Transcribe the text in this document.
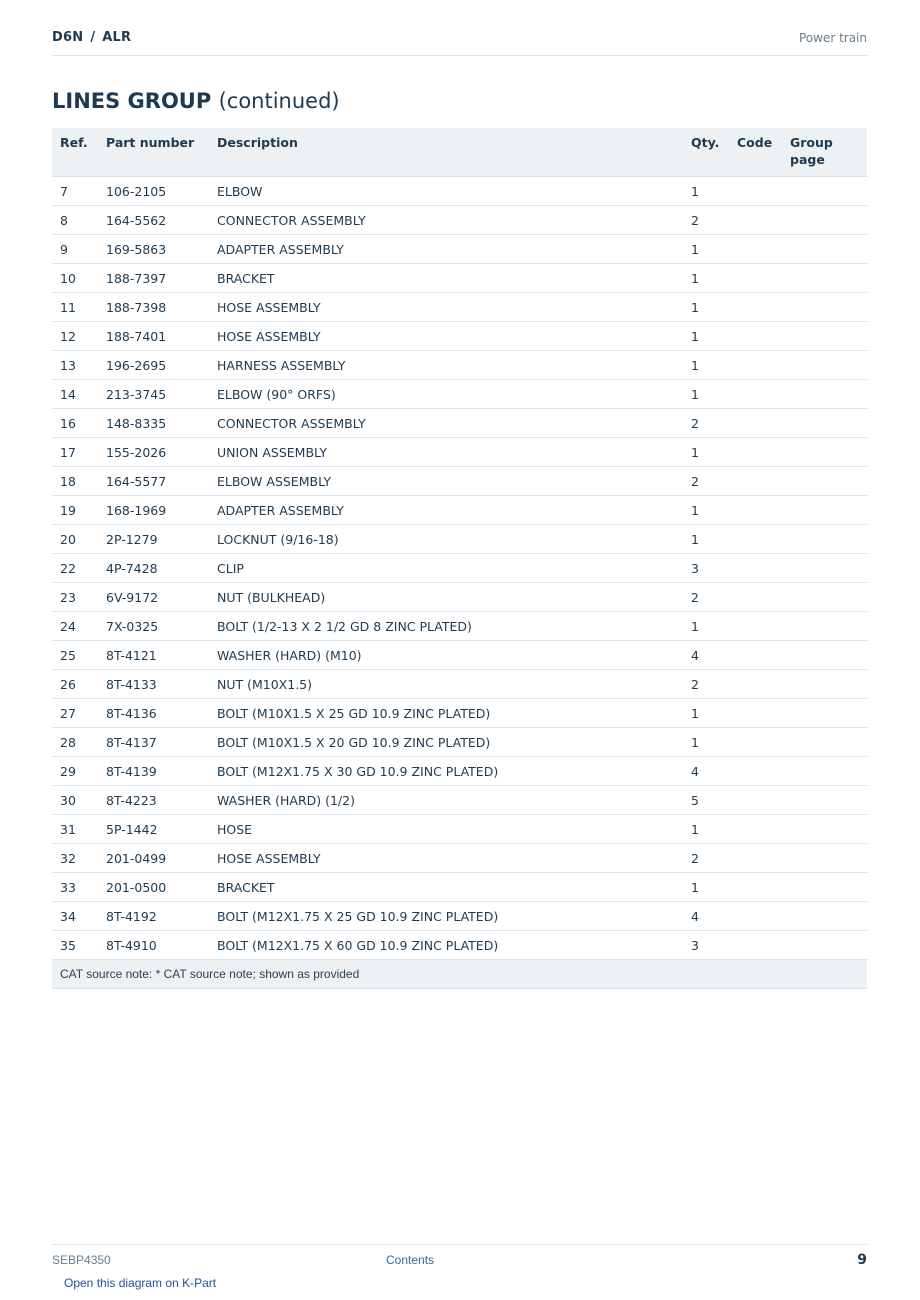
D6N / ALR	Power train
LINES GROUP (continued)
Ref.	Part number	Description	Qty.	Code	Group page
7	106-2105	ELBOW	1		
8	164-5562	CONNECTOR ASSEMBLY	2		
9	169-5863	ADAPTER ASSEMBLY	1		
10	188-7397	BRACKET	1		
11	188-7398	HOSE ASSEMBLY	1		
12	188-7401	HOSE ASSEMBLY	1		
13	196-2695	HARNESS ASSEMBLY	1		
14	213-3745	ELBOW (90° ORFS)	1		
16	148-8335	CONNECTOR ASSEMBLY	2		
17	155-2026	UNION ASSEMBLY	1		
18	164-5577	ELBOW ASSEMBLY	2		
19	168-1969	ADAPTER ASSEMBLY	1		
20	2P-1279	LOCKNUT (9/16-18)	1		
22	4P-7428	CLIP	3		
23	6V-9172	NUT (BULKHEAD)	2		
24	7X-0325	BOLT (1/2-13 X 2 1/2 GD 8 ZINC PLATED)	1		
25	8T-4121	WASHER (HARD) (M10)	4		
26	8T-4133	NUT (M10X1.5)	2		
27	8T-4136	BOLT (M10X1.5 X 25 GD 10.9 ZINC PLATED)	1		
28	8T-4137	BOLT (M10X1.5 X 20 GD 10.9 ZINC PLATED)	1		
29	8T-4139	BOLT (M12X1.75 X 30 GD 10.9 ZINC PLATED)	4		
30	8T-4223	WASHER (HARD) (1/2)	5		
31	5P-1442	HOSE	1		
32	201-0499	HOSE ASSEMBLY	2		
33	201-0500	BRACKET	1		
34	8T-4192	BOLT (M12X1.75 X 25 GD 10.9 ZINC PLATED)	4		
35	8T-4910	BOLT (M12X1.75 X 60 GD 10.9 ZINC PLATED)	3		
CAT source note: * CAT source note; shown as provided					
SEBP4350	Contents	9
Open this diagram on K-Part
